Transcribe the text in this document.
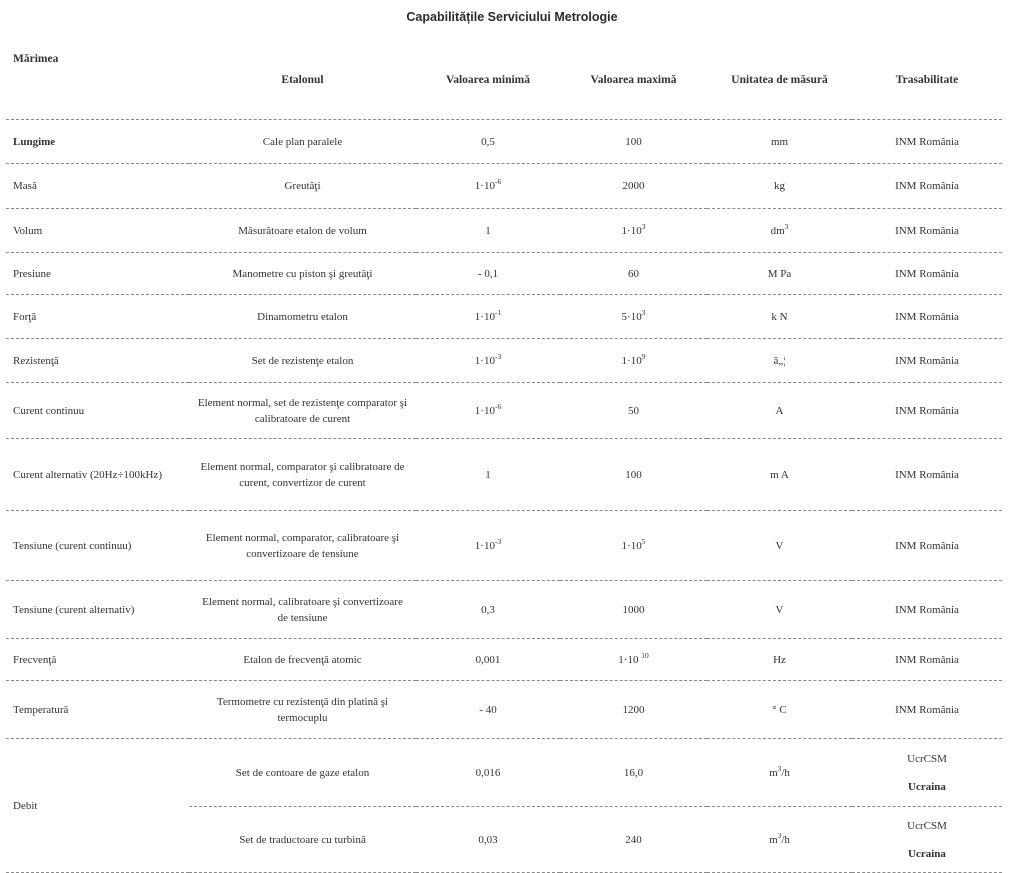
Capabilitățile Serviciului Metrologie
Mărimea	Etalonul	Valoarea minimă	Valoarea maximă	Unitatea de măsură	Trasabilitate
Lungime	Cale plan paralele	0,5	100	mm	INM România
Masă	Greutăţi	$1\cdot 10^{-6}$	2000	kg	INM România
Volum	Măsurătoare etalon de volum	1	$1\cdot 10^3$	$dm^3$	INM România
Presiune	Manometre cu piston şi greutăţi	- 0,1	60	M Pa	INM România
Forţă	Dinamometru etalon	$1\cdot 10^{-1}$	$5\cdot 10^3$	k N	INM România
Rezistenţă	Set de rezistenţe etalon	$1\cdot 10^{-3}$	$1\cdot 10^9$	â„¦	INM România
Curent continuu	Element normal, set de rezistenţe comparator şi calibratoare de curent	$1\cdot 10^{-6}$	50	A	INM România
Curent alternativ (20Hz÷100kHz)	Element normal, comparator şi calibratoare de curent, convertizor de curent	1	100	m A	INM România
Tensiune (curent continuu)	Element normal, comparator, calibratoare şi convertizoare de tensiune	$1\cdot 10^{-3}$	$1\cdot 10^5$	V	INM România
Tensiune (curent alternativ)	Element normal, calibratoare şi convertizoare de tensiune	0,3	1000	V	INM România
Frecvenţă	Etalon de frecvenţă atomic	0,001	1·10 $^{10}$	Hz	INM România
Temperatură	Termometre cu rezistenţă din platină şi termocuplu	- 40	1200	° C	INM România
Debit	Set de contoare de gaze etalon	0,016	16,0	$m^3/h$	UcrCSM
Ucraina

	Set de traductoare cu turbină	0,03	240	$m^3/h$	UcrCSM
Ucraina
